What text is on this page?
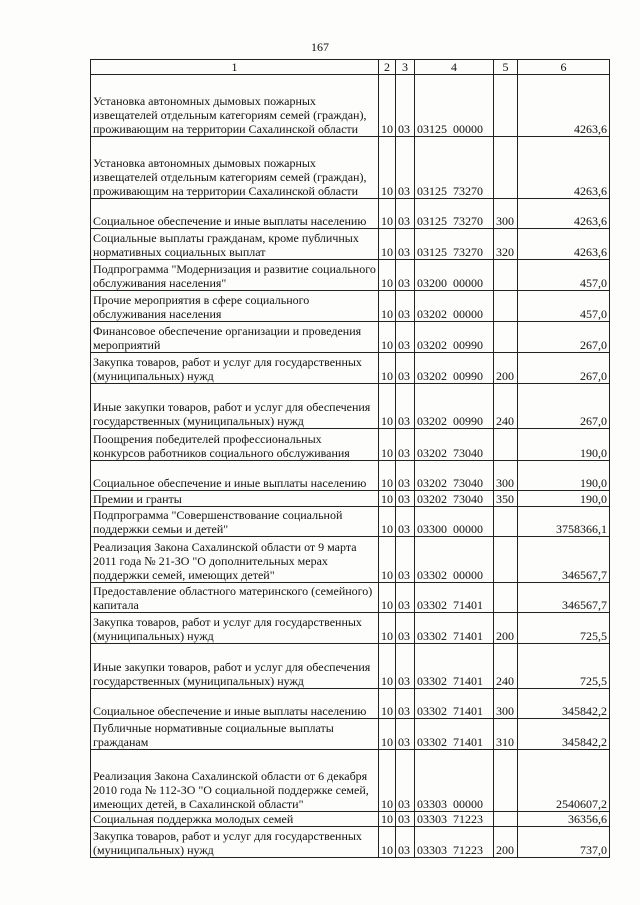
167
1	2	3	4	5	6
Установка автономных дымовых пожарных извещателей отдельным категориям семей (граждан), проживающим на территории Сахалинской области	10	03	03125  00000		4263,6
Установка автономных дымовых пожарных извещателей отдельным категориям семей (граждан), проживающим на территории Сахалинской области	10	03	03125  73270		4263,6
Социальное обеспечение и иные выплаты населению	10	03	03125  73270	300	4263,6
Социальные выплаты гражданам, кроме публичных нормативных социальных выплат	10	03	03125  73270	320	4263,6
Подпрограмма "Модернизация и развитие социального обслуживания населения"	10	03	03200  00000		457,0
Прочие мероприятия в сфере социального обслуживания населения	10	03	03202  00000		457,0
Финансовое обеспечение организации и проведения мероприятий	10	03	03202  00990		267,0
Закупка товаров, работ и услуг для государственных (муниципальных) нужд	10	03	03202  00990	200	267,0
Иные закупки товаров, работ и услуг для обеспечения государственных (муниципальных) нужд	10	03	03202  00990	240	267,0
Поощрения победителей профессиональных конкурсов работников социального обслуживания	10	03	03202  73040		190,0
Социальное обеспечение и иные выплаты населению	10	03	03202  73040	300	190,0
Премии и гранты	10	03	03202  73040	350	190,0
Подпрограмма "Совершенствование социальной поддержки семьи и детей"	10	03	03300  00000		3758366,1
Реализация Закона Сахалинской области от 9 марта 2011 года № 21-ЗО "О дополнительных мерах поддержки семей, имеющих детей"	10	03	03302  00000		346567,7
Предоставление областного материнского (семейного) капитала	10	03	03302  71401		346567,7
Закупка товаров, работ и услуг для государственных (муниципальных) нужд	10	03	03302  71401	200	725,5
Иные закупки товаров, работ и услуг для обеспечения государственных (муниципальных) нужд	10	03	03302  71401	240	725,5
Социальное обеспечение и иные выплаты населению	10	03	03302  71401	300	345842,2
Публичные нормативные социальные выплаты гражданам	10	03	03302  71401	310	345842,2
Реализация Закона Сахалинской области от 6 декабря 2010 года № 112-ЗО "О социальной поддержке семей, имеющих детей, в Сахалинской области"	10	03	03303  00000		2540607,2
Социальная поддержка молодых семей	10	03	03303  71223		36356,6
Закупка товаров, работ и услуг для государственных (муниципальных) нужд	10	03	03303  71223	200	737,0
